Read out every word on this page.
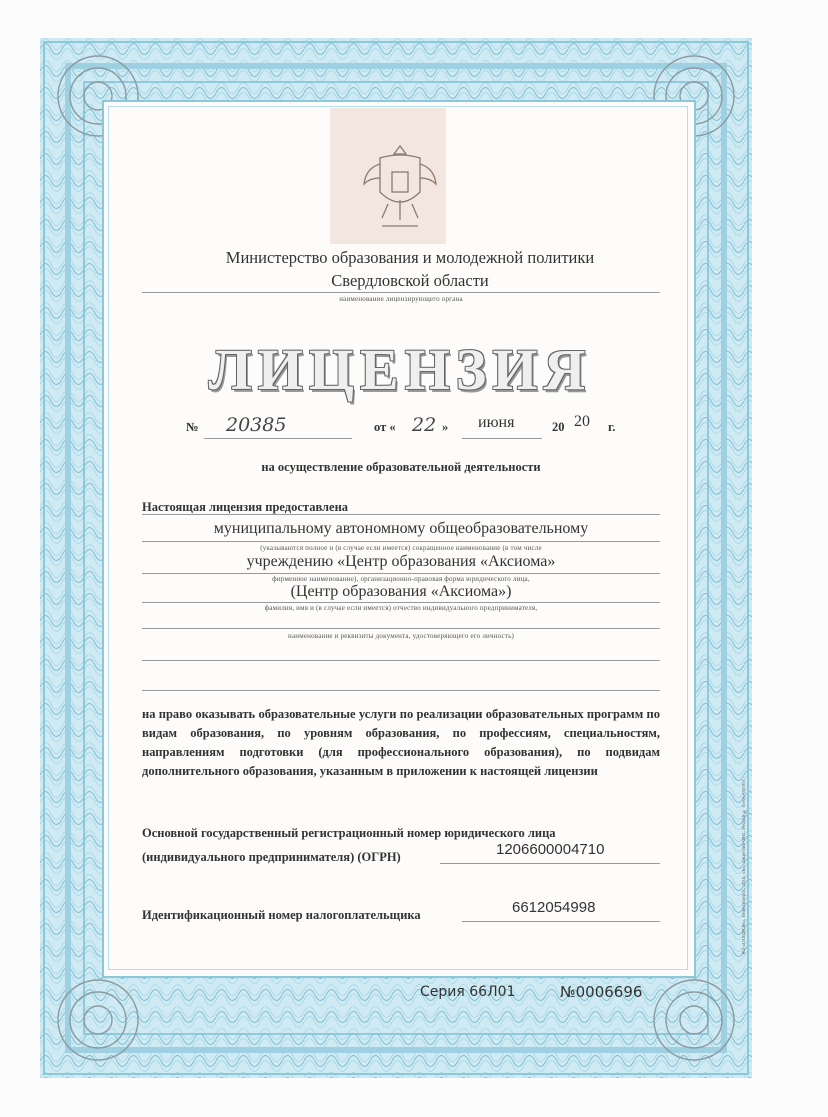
Министерство образования и молодежной политики
Свердловской области
наименование лицензирующего органа
ЛИЦЕНЗИЯ
№ 20385	от « 22 » июня	20 20 г.
на осуществление образовательной деятельности
Настоящая лицензия предоставлена
муниципальному автономному общеобразовательному
(указываются полное и (в случае если имеется) сокращенное наименование (в том числе
учреждению «Центр образования «Аксиома»
фирменное наименование), организационно-правовая форма юридического лица,
(Центр образования «Аксиома»)
фамилия, имя и (в случае если имеется) отчество индивидуального предпринимателя,
наименование и реквизиты документа, удостоверяющего его личность)
на право оказывать образовательные услуги по реализации образовательных программ по видам образования, по уровням образования, по профессиям, специальностям, направлениям подготовки (для профессионального образования), по подвидам дополнительного образования, указанным в приложении к настоящей лицензии
Основной государственный регистрационный номер юридического лица
(индивидуального предпринимателя) (ОГРН)	1206600004710
Идентификационный номер налогоплательщика	6612054998
Серия 66Л01	№0006696
АО «ОПЦИОН», Новосибирск, 2016, «Б», Лицензия ФНС России № 05-05-09/003
